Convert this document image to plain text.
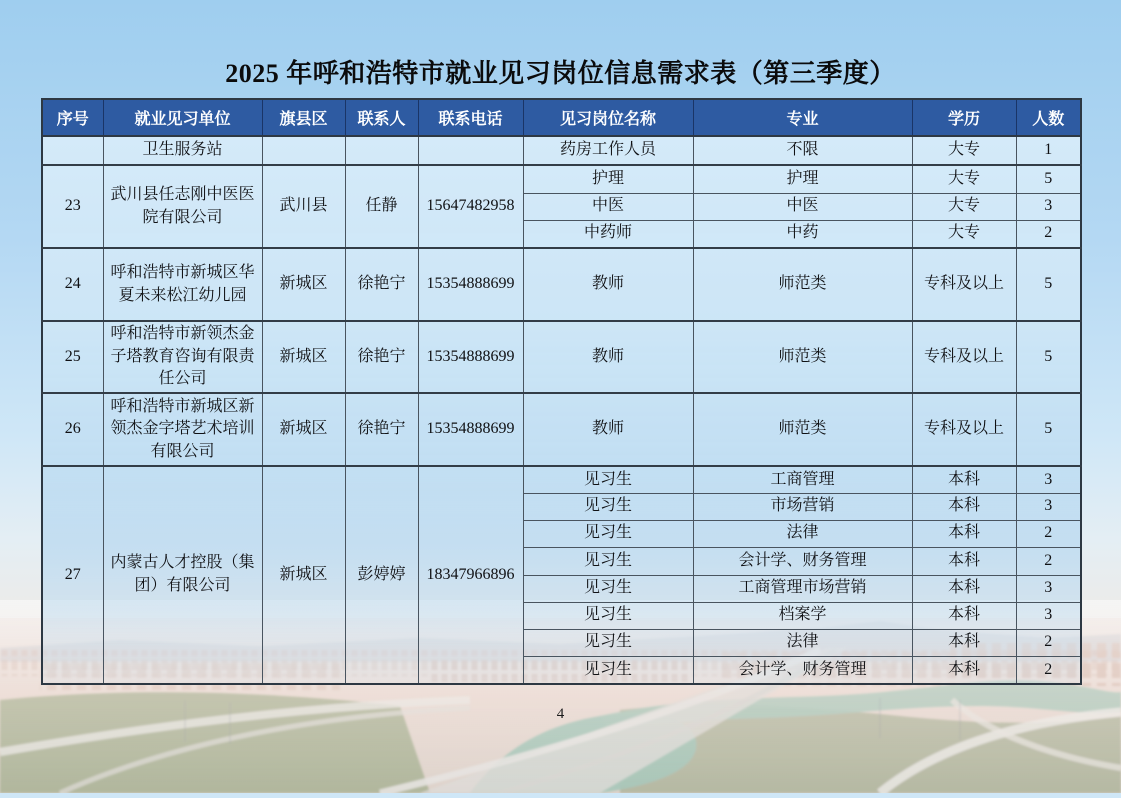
2025 年呼和浩特市就业见习岗位信息需求表（第三季度）
序号	就业见习单位	旗县区	联系人	联系电话	见习岗位名称	专业	学历	人数
	卫生服务站				药房工作人员	不限	大专	1
23	武川县任志刚中医医院有限公司	武川县	任静	15647482958	护理	护理	大专	5
					中医	中医	大专	3
					中药师	中药	大专	2
24	呼和浩特市新城区华夏未来松江幼儿园	新城区	徐艳宁	15354888699	教师	师范类	专科及以上	5
25	呼和浩特市新领杰金子塔教育咨询有限责任公司	新城区	徐艳宁	15354888699	教师	师范类	专科及以上	5
26	呼和浩特市新城区新领杰金字塔艺术培训有限公司	新城区	徐艳宁	15354888699	教师	师范类	专科及以上	5
27	内蒙古人才控股（集团）有限公司	新城区	彭婷婷	18347966896	见习生	工商管理	本科	3
					见习生	市场营销	本科	3
					见习生	法律	本科	2
					见习生	会计学、财务管理	本科	2
					见习生	工商管理市场营销	本科	3
					见习生	档案学	本科	3
					见习生	法律	本科	2
					见习生	会计学、财务管理	本科	2
4
